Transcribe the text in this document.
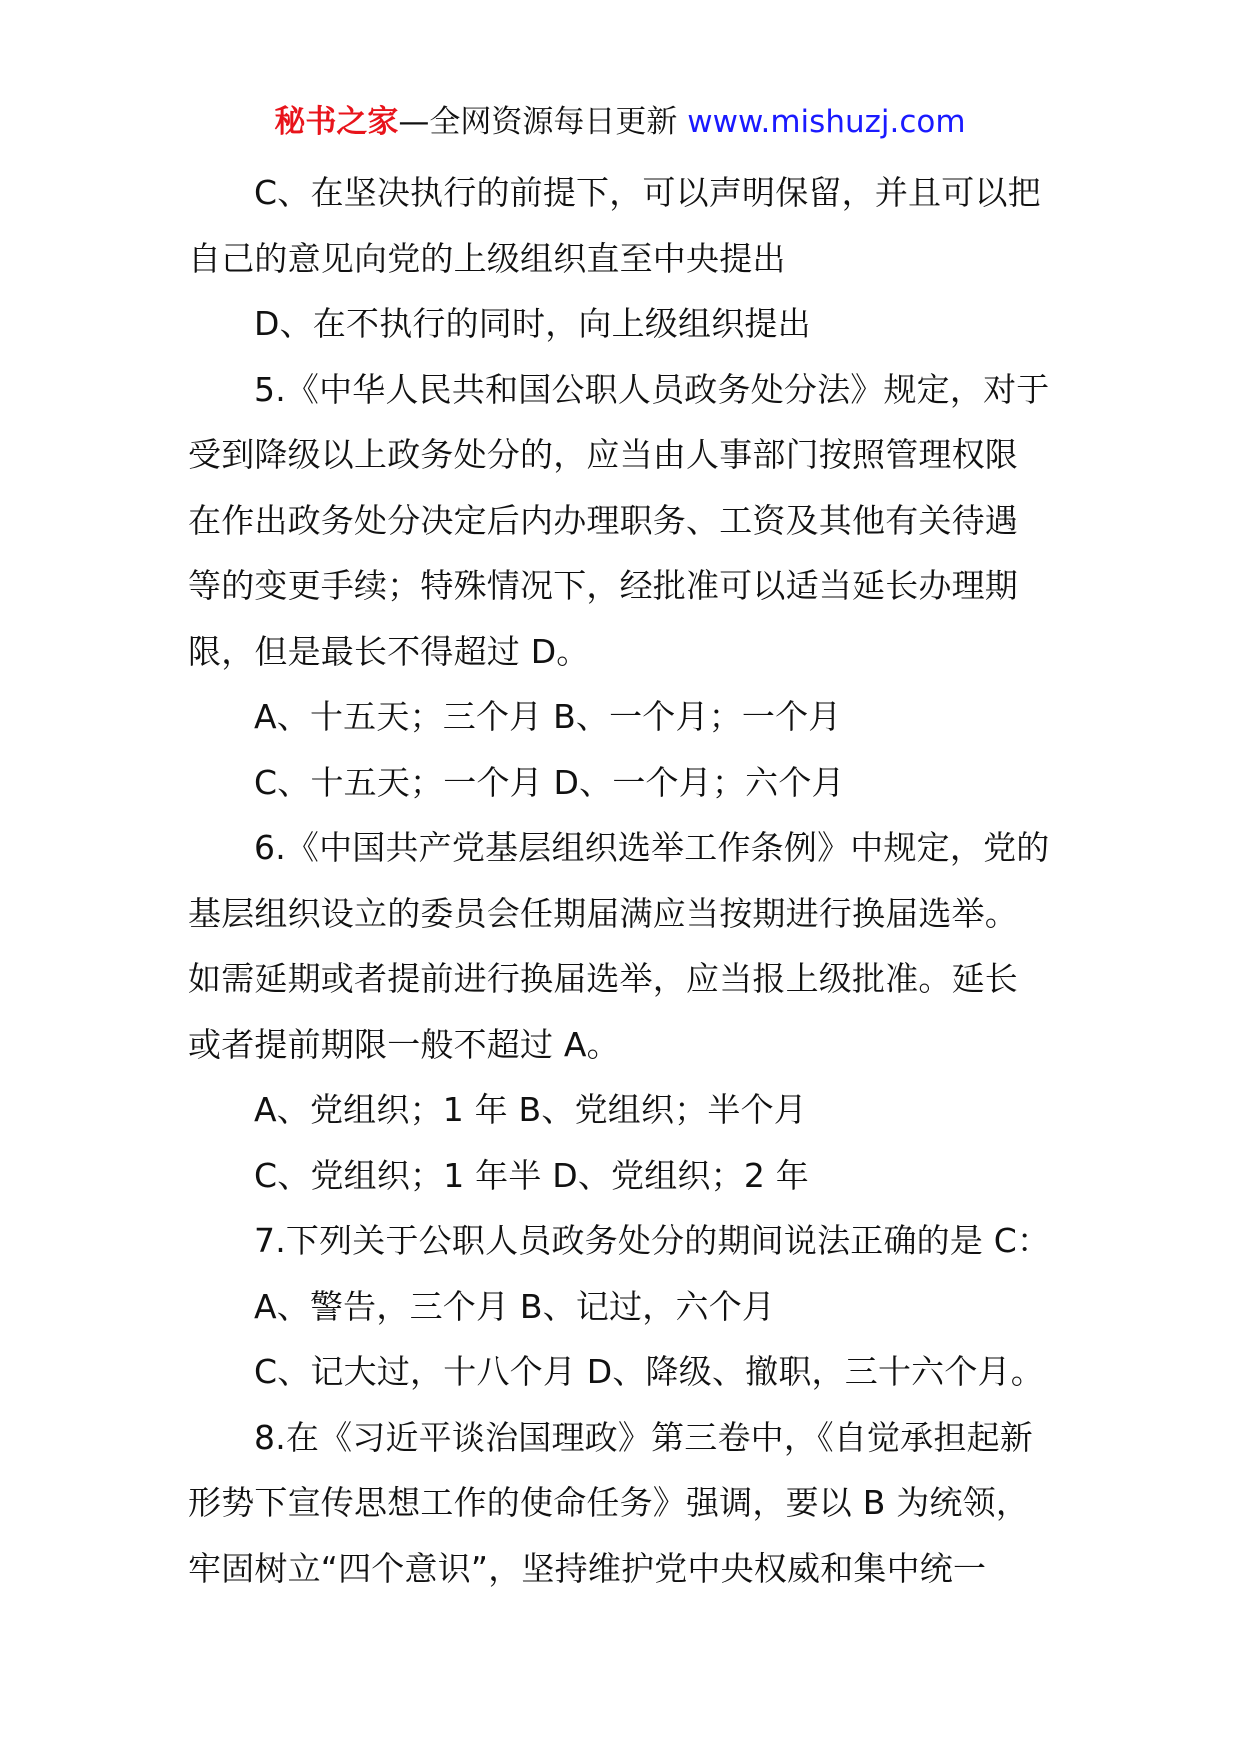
秘书之家—全网资源每日更新 www.mishuzj.com
C、在坚决执行的前提下，可以声明保留，并且可以把
自己的意见向党的上级组织直至中央提出
D、在不执行的同时，向上级组织提出
5.《中华人民共和国公职人员政务处分法》规定，对于
受到降级以上政务处分的，应当由人事部门按照管理权限
在作出政务处分决定后内办理职务、工资及其他有关待遇
等的变更手续；特殊情况下，经批准可以适当延长办理期
限，但是最长不得超过 D。
A、十五天；三个月 B、一个月；一个月
C、十五天；一个月 D、一个月；六个月
6.《中国共产党基层组织选举工作条例》中规定，党的
基层组织设立的委员会任期届满应当按期进行换届选举。
如需延期或者提前进行换届选举，应当报上级批准。延长
或者提前期限一般不超过 A。
A、党组织；1 年 B、党组织；半个月
C、党组织；1 年半 D、党组织；2 年
7.下列关于公职人员政务处分的期间说法正确的是 C：
A、警告，三个月 B、记过，六个月
C、记大过，十八个月 D、降级、撤职，三十六个月。
8.在《习近平谈治国理政》第三卷中，《自觉承担起新
形势下宣传思想工作的使命任务》强调，要以 B 为统领，
牢固树立“四个意识”，坚持维护党中央权威和集中统一
